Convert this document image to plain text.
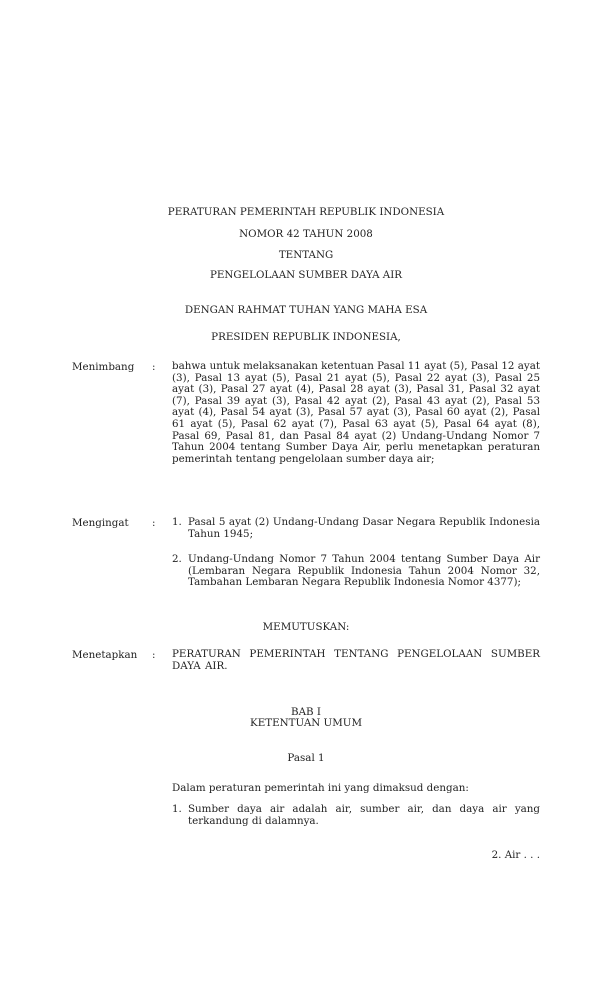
PERATURAN PEMERINTAH REPUBLIK INDONESIA
NOMOR 42 TAHUN 2008
TENTANG
PENGELOLAAN SUMBER DAYA AIR
DENGAN RAHMAT TUHAN YANG MAHA ESA
PRESIDEN REPUBLIK INDONESIA,
Menimbang : bahwa untuk melaksanakan ketentuan Pasal 11 ayat (5), Pasal 12 ayat (3), Pasal 13 ayat (5), Pasal 21 ayat (5), Pasal 22 ayat (3), Pasal 25 ayat (3), Pasal 27 ayat (4), Pasal 28 ayat (3), Pasal 31, Pasal 32 ayat (7), Pasal 39 ayat (3), Pasal 42 ayat (2), Pasal 43 ayat (2), Pasal 53 ayat (4), Pasal 54 ayat (3), Pasal 57 ayat (3), Pasal 60 ayat (2), Pasal 61 ayat (5), Pasal 62 ayat (7), Pasal 63 ayat (5), Pasal 64 ayat (8), Pasal 69, Pasal 81, dan Pasal 84 ayat (2) Undang-Undang Nomor 7 Tahun 2004 tentang Sumber Daya Air, perlu menetapkan peraturan pemerintah tentang pengelolaan sumber daya air;
Mengingat : 1. Pasal 5 ayat (2) Undang-Undang Dasar Negara Republik Indonesia Tahun 1945;
2. Undang-Undang Nomor 7 Tahun 2004 tentang Sumber Daya Air (Lembaran Negara Republik Indonesia Tahun 2004 Nomor 32, Tambahan Lembaran Negara Republik Indonesia Nomor 4377);
MEMUTUSKAN:
Menetapkan : PERATURAN PEMERINTAH TENTANG PENGELOLAAN SUMBER DAYA AIR.
BAB I
KETENTUAN UMUM
Pasal 1
Dalam peraturan pemerintah ini yang dimaksud dengan:
1. Sumber daya air adalah air, sumber air, dan daya air yang terkandung di dalamnya.
2. Air . . .
